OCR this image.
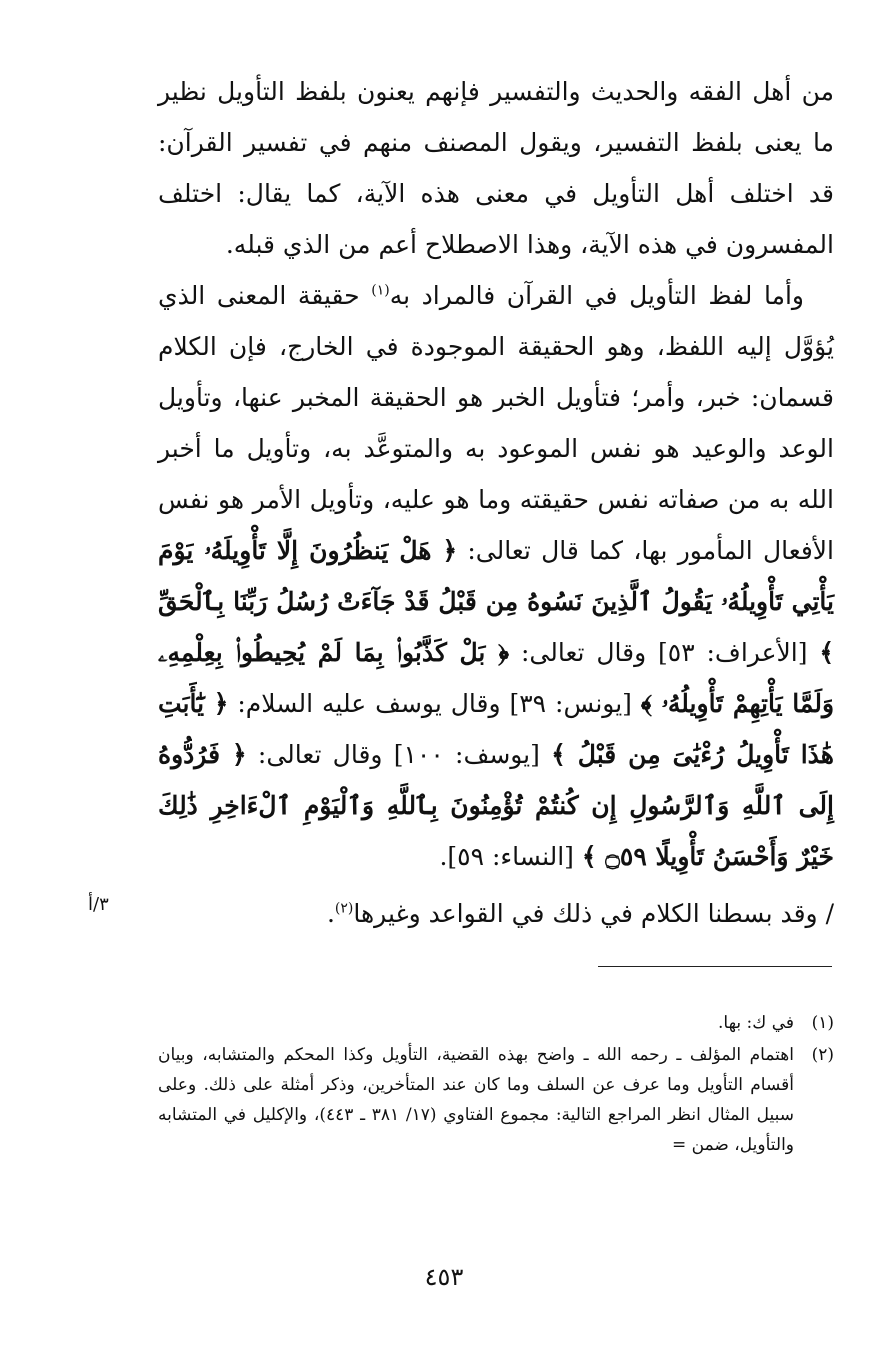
من أهل الفقه والحديث والتفسير فإنهم يعنون بلفظ التأويل نظير ما يعنى بلفظ التفسير، ويقول المصنف منهم في تفسير القرآن: قد اختلف أهل التأويل في معنى هذه الآية، كما يقال: اختلف المفسرون في هذه الآية، وهذا الاصطلاح أعم من الذي قبله.

وأما لفظ التأويل في القرآن فالمراد به$^{(١)}$ حقيقة المعنى الذي يُؤوَّل إليه اللفظ، وهو الحقيقة الموجودة في الخارج، فإن الكلام قسمان: خبر، وأمر؛ فتأويل الخبر هو الحقيقة المخبر عنها، وتأويل الوعد والوعيد هو نفس الموعود به والمتوعَّد به، وتأويل ما أخبر الله به من صفاته نفس حقيقته وما هو عليه، وتأويل الأمر هو نفس الأفعال المأمور بها، كما قال تعالى: ﴿ هَلْ يَنظُرُونَ إِلَّا تَأْوِيلَهُۥ يَوْمَ يَأْتِي تَأْوِيلُهُۥ يَقُولُ ٱلَّذِينَ نَسُوهُ مِن قَبْلُ قَدْ جَآءَتْ رُسُلُ رَبِّنَا بِٱلْحَقِّ ﴾ [الأعراف: ٥٣] وقال تعالى: ﴿ بَلْ كَذَّبُوا۟ بِمَا لَمْ يُحِيطُوا۟ بِعِلْمِهِۦ وَلَمَّا يَأْتِهِمْ تَأْوِيلُهُۥ ﴾ [يونس: ٣٩] وقال يوسف عليه السلام: ﴿ يَٰٓأَبَتِ هَٰذَا تَأْوِيلُ رُءْيَٰىَ مِن قَبْلُ ﴾ [يوسف: ١٠٠] وقال تعالى: ﴿ فَرُدُّوهُ إِلَى ٱللَّهِ وَٱلرَّسُولِ إِن كُنتُمْ تُؤْمِنُونَ بِٱللَّهِ وَٱلْيَوْمِ ٱلْءَاخِرِ ذَٰلِكَ خَيْرٌ وَأَحْسَنُ تَأْوِيلًا ۝٥٩ ﴾ [النساء: ٥٩].

/ وقد بسطنا الكلام في ذلك في القواعد وغيرها$^{(٢)}$.

٣/أ
(١)
في ك: بها.
(٢)
اهتمام المؤلف ـ رحمه الله ـ واضح بهذه القضية، التأويل وكذا المحكم والمتشابه، وبيان أقسام التأويل وما عرف عن السلف وما كان عند المتأخرين، وذكر أمثلة على ذلك. وعلى سبيل المثال انظر المراجع التالية: مجموع الفتاوي (١٧/ ٣٨١ ـ ٤٤٣)، والإكليل في المتشابه والتأويل، ضمن =
٤٥٣
